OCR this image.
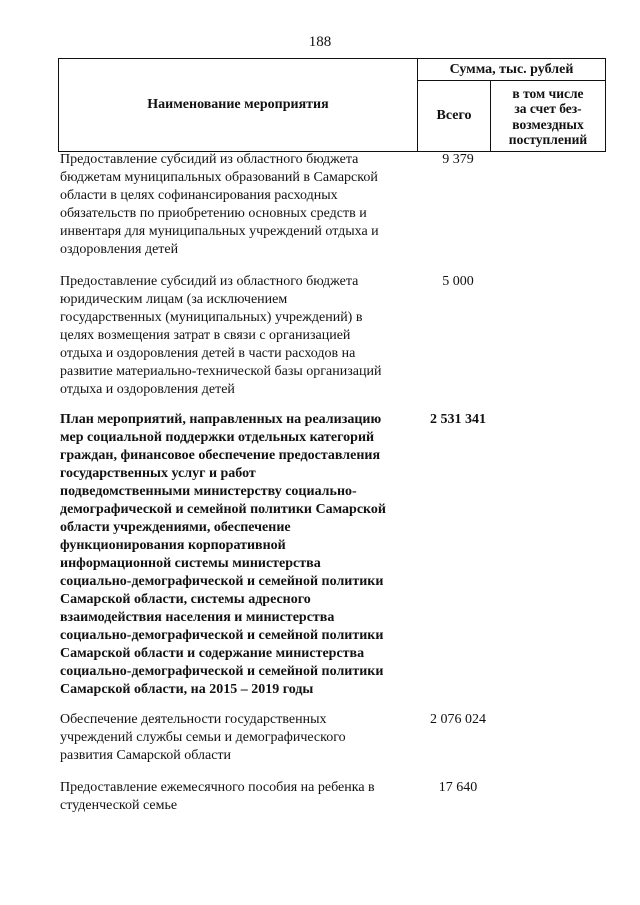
188
Наименование мероприятия
Сумма, тыс. рублей
Всего
в том числе
за счет без-
возмездных
поступлений
Предоставление субсидий из областного бюджета
бюджетам муниципальных образований в Самарской
области в целях софинансирования расходных
обязательств по приобретению основных средств и
инвентаря для муниципальных учреждений отдыха и
оздоровления детей
9 379
Предоставление субсидий из областного бюджета
юридическим лицам (за исключением
государственных (муниципальных) учреждений) в
целях возмещения затрат в связи с организацией
отдыха и оздоровления детей в части расходов на
развитие материально-технической базы организаций
отдыха и оздоровления детей
5 000
План мероприятий, направленных на реализацию
мер социальной поддержки отдельных категорий
граждан, финансовое обеспечение предоставления
государственных услуг и работ
подведомственными министерству социально-
демографической и семейной политики Самарской
области учреждениями, обеспечение
функционирования корпоративной
информационной системы министерства
социально-демографической и семейной политики
Самарской области, системы адресного
взаимодействия населения и министерства
социально-демографической и семейной политики
Самарской области и содержание министерства
социально-демографической и семейной политики
Самарской области, на 2015 – 2019 годы
2 531 341
Обеспечение деятельности государственных
учреждений службы семьи и демографического
развития Самарской области
2 076 024
Предоставление ежемесячного пособия на ребенка в
студенческой семье
17 640
